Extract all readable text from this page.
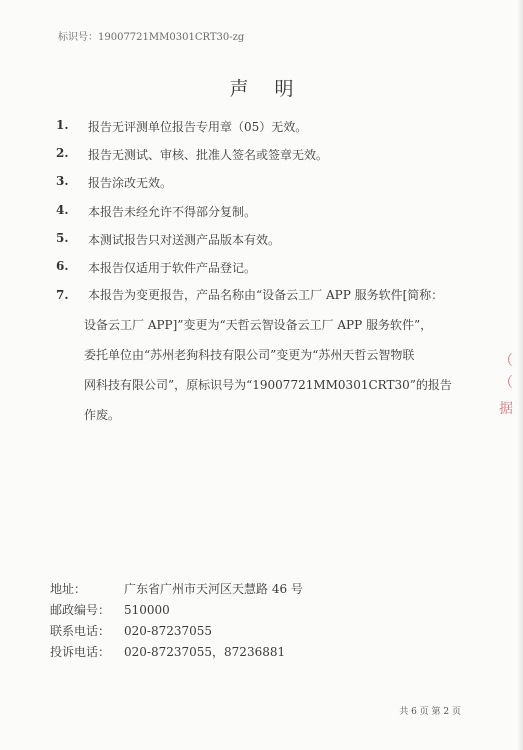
标识号：19007721MM0301CRT30-zg
声明
1. 报告无评测单位报告专用章（05）无效。
2. 报告无测试、审核、批准人签名或签章无效。
3. 报告涂改无效。
4. 本报告未经允许不得部分复制。
5. 本测试报告只对送测产品版本有效。
6. 本报告仅适用于软件产品登记。
7. 本报告为变更报告，产品名称由“设备云工厂 APP 服务软件[简称：
设备云工厂 APP]”变更为“天哲云智设备云工厂 APP 服务软件”，
委托单位由“苏州老狗科技有限公司”变更为“苏州天哲云智物联
网科技有限公司”，原标识号为“19007721MM0301CRT30”的报告
作废。
地址：	广东省广州市天河区天慧路 46 号
邮政编号： 510000
联系电话： 020-87237055
投诉电话： 020-87237055，87236881
共 6 页 第 2 页
（
（
据
